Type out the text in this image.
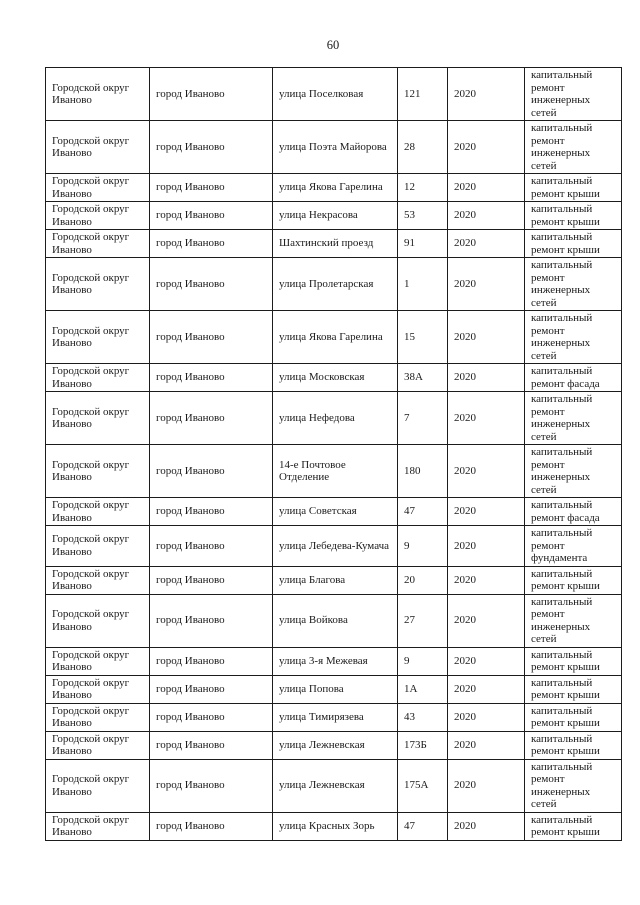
60
Городской округ Иваново	город Иваново	улица Поселковая	121	2020	капитальный ремонт инженерных сетей
Городской округ Иваново	город Иваново	улица Поэта Майорова	28	2020	капитальный ремонт инженерных сетей
Городской округ Иваново	город Иваново	улица Якова Гарелина	12	2020	капитальный ремонт крыши
Городской округ Иваново	город Иваново	улица Некрасова	53	2020	капитальный ремонт крыши
Городской округ Иваново	город Иваново	Шахтинский проезд	91	2020	капитальный ремонт крыши
Городской округ Иваново	город Иваново	улица Пролетарская	1	2020	капитальный ремонт инженерных сетей
Городской округ Иваново	город Иваново	улица Якова Гарелина	15	2020	капитальный ремонт инженерных сетей
Городской округ Иваново	город Иваново	улица Московская	38А	2020	капитальный ремонт фасада
Городской округ Иваново	город Иваново	улица Нефедова	7	2020	капитальный ремонт инженерных сетей
Городской округ Иваново	город Иваново	14-е Почтовое Отделение	180	2020	капитальный ремонт инженерных сетей
Городской округ Иваново	город Иваново	улица Советская	47	2020	капитальный ремонт фасада
Городской округ Иваново	город Иваново	улица Лебедева-Кумача	9	2020	капитальный ремонт фундамента
Городской округ Иваново	город Иваново	улица Благова	20	2020	капитальный ремонт крыши
Городской округ Иваново	город Иваново	улица Войкова	27	2020	капитальный ремонт инженерных сетей
Городской округ Иваново	город Иваново	улица 3-я Межевая	9	2020	капитальный ремонт крыши
Городской округ Иваново	город Иваново	улица Попова	1А	2020	капитальный ремонт крыши
Городской округ Иваново	город Иваново	улица Тимирязева	43	2020	капитальный ремонт крыши
Городской округ Иваново	город Иваново	улица Лежневская	173Б	2020	капитальный ремонт крыши
Городской округ Иваново	город Иваново	улица Лежневская	175А	2020	капитальный ремонт инженерных сетей
Городской округ Иваново	город Иваново	улица Красных Зорь	47	2020	капитальный ремонт крыши
